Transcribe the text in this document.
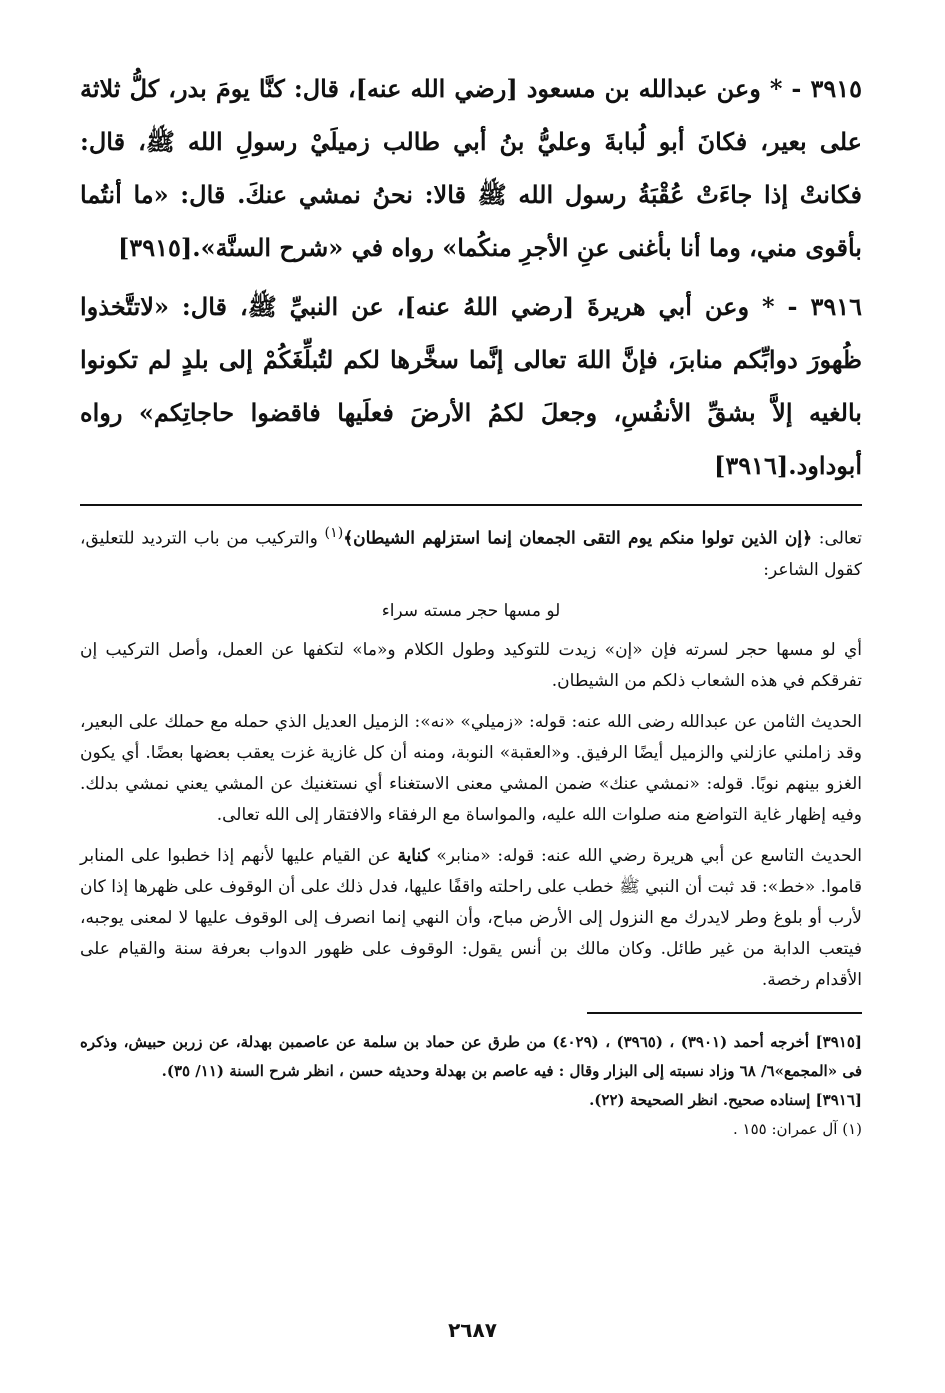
٣٩١٥ - * وعن عبدالله بن مسعود [رضي الله عنه]، قال: كنَّا يومَ بدر، كلُّ ثلاثة على بعير، فكانَ أبو لُبابةَ وعليُّ بنُ أبي طالب زميلَيْ رسولِ الله ﷺ، قال: فكانتْ إذا جاءَتْ عُقْبَةُ رسول الله ﷺ قالا: نحنُ نمشي عنكَ. قال: «ما أنتُما بأقوى مني، وما أنا بأغنى عنِ الأجرِ منكُما» رواه في «شرح السنَّة».[٣٩١٥]

٣٩١٦ - * وعن أبي هريرةَ [رضي اللهُ عنه]، عن النبيِّ ﷺ، قال: «لاتتَّخذوا ظُهورَ دوابِّكم منابرَ، فإنَّ اللهَ تعالى إنَّما سخَّرها لكم لتُبلِّغَكُمْ إلى بلدٍ لم تكونوا بالغيه إلاَّ بشقِّ الأنفُسِ، وجعلَ لكمُ الأرضَ فعلَيها فاقضوا حاجاتِكم» رواه أبوداود.[٣٩١٦]

تعالى: ﴿إن الذين تولوا منكم يوم التقى الجمعان إنما استزلهم الشيطان﴾$^{(١)}$ والتركيب من باب الترديد للتعليق، كقول الشاعر:

لو مسها حجر مسته سراء

أي لو مسها حجر لسرته فإن «إن» زيدت للتوكيد وطول الكلام و«ما» لتكفها عن العمل، وأصل التركيب إن تفرقكم في هذه الشعاب ذلكم من الشيطان.

الحديث الثامن عن عبدالله رضى الله عنه: قوله: «زميلي» «نه»: الزميل العديل الذي حمله مع حملك على البعير، وقد زاملني عازلني والزميل أيضًا الرفيق. و«العقبة» النوبة، ومنه أن كل غازية غزت يعقب بعضها بعضًا. أي يكون الغزو بينهم نوبًا. قوله: «نمشي عنك» ضمن المشي معنى الاستغناء أي نستغنيك عن المشي يعني نمشي بدلك. وفيه إظهار غاية التواضع منه صلوات الله عليه، والمواساة مع الرفقاء والافتقار إلى الله تعالى.

الحديث التاسع عن أبي هريرة رضي الله عنه: قوله: «منابر» كناية عن القيام عليها لأنهم إذا خطبوا على المنابر قاموا. «خط»: قد ثبت أن النبي ﷺ خطب على راحلته واقفًا عليها، فدل ذلك على أن الوقوف على ظهرها إذا كان لأرب أو بلوغ وطر لايدرك مع النزول إلى الأرض مباح، وأن النهي إنما انصرف إلى الوقوف عليها لا لمعنى يوجبه، فيتعب الدابة من غير طائل. وكان مالك بن أنس يقول: الوقوف على ظهور الدواب بعرفة سنة والقيام على الأقدام رخصة.

[٣٩١٥] أخرجه أحمد (٣٩٠١) ، (٣٩٦٥) ، (٤٠٢٩) من طرق عن حماد بن سلمة عن عاصمبن بهدلة، عن زربن حبيش، وذكره فى «المجمع»٦/ ٦٨ وزاد نسبته إلى البزار وقال : فيه عاصم بن بهدلة وحديثه حسن ، انظر شرح السنة (١١/ ٣٥).

[٣٩١٦] إسناده صحيح. انظر الصحيحة (٢٢).

(١) آل عمران: ١٥٥ .

٢٦٨٧
